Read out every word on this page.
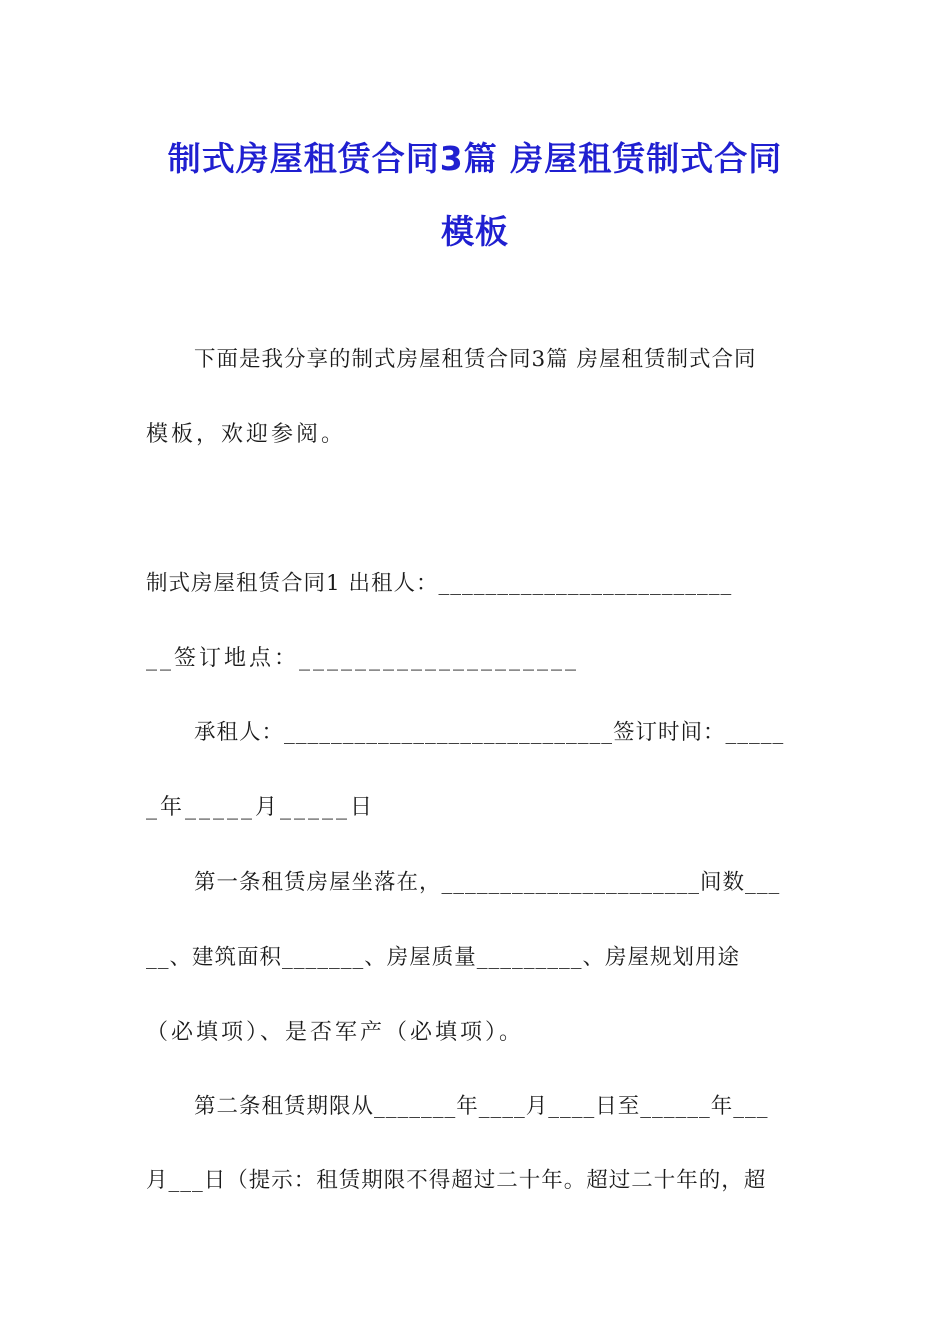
制式房屋租赁合同3篇 房屋租赁制式合同
模板
下面是我分享的制式房屋租赁合同3篇 房屋租赁制式合同
模板，欢迎参阅。
制式房屋租赁合同1 出租人：_________________________
__签订地点：____________________
承租人：____________________________签订时间：_____
_年_____月_____日
第一条租赁房屋坐落在，______________________间数___
__、建筑面积_______、房屋质量_________、房屋规划用途
（必填项）、是否军产（必填项）。
第二条租赁期限从_______年____月____日至______年___
月___日（提示：租赁期限不得超过二十年。超过二十年的，超
